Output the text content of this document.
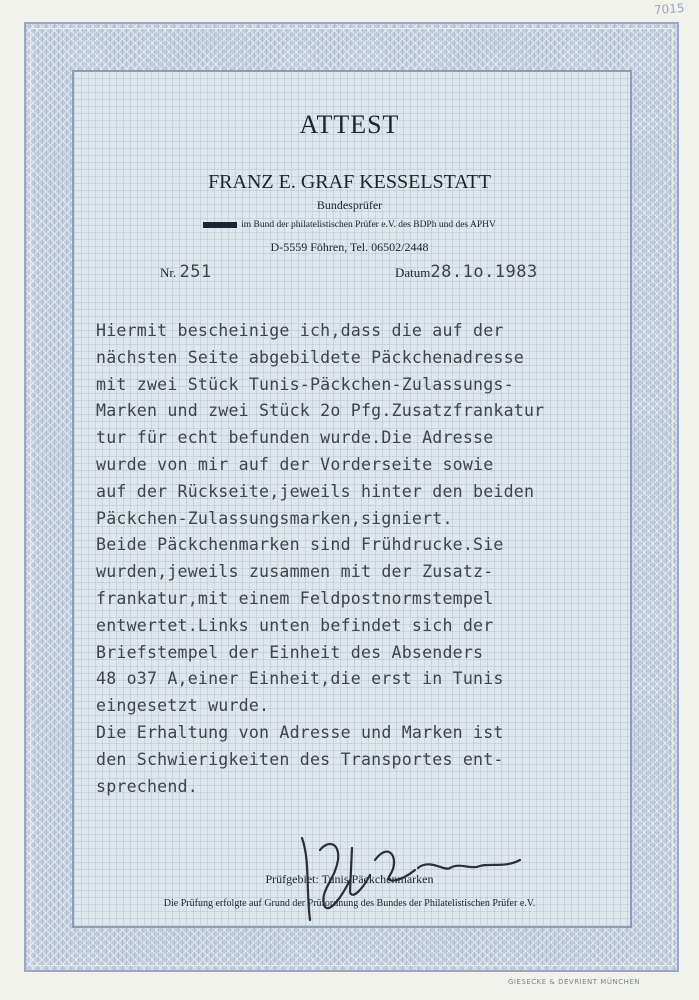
7015
ATTEST
FRANZ E. GRAF KESSELSTATT
Bundesprüfer
im Bund der philatelistischen Prüfer e.V. des BDPh und des APHV
D-5559 Föhren, Tel. 06502/2448
Nr. 251	Datum28.1o.1983
Hiermit bescheinige ich,dass die auf der
nächsten Seite abgebildete Päckchenadresse
mit zwei Stück Tunis-Päckchen-Zulassungs-
Marken und zwei Stück 2o Pfg.Zusatzfrankatur
tur für echt befunden wurde.Die Adresse
wurde von mir auf der Vorderseite sowie
auf der Rückseite,jeweils hinter den beiden
Päckchen-Zulassungsmarken,signiert.
Beide Päckchenmarken sind Frühdrucke.Sie
wurden,jeweils zusammen mit der Zusatz-
frankatur,mit einem Feldpostnormstempel
entwertet.Links unten befindet sich der
Briefstempel der Einheit des Absenders
48 o37 A,einer Einheit,die erst in Tunis
eingesetzt wurde.
Die Erhaltung von Adresse und Marken ist
den Schwierigkeiten des Transportes ent-
sprechend.
Prüfgebiet: Tunis Päckchenmarken
Die Prüfung erfolgte auf Grund der Prüfordnung des Bundes der Philatelistischen Prüfer e.V.
GIESECKE & DEVRIENT MÜNCHEN
